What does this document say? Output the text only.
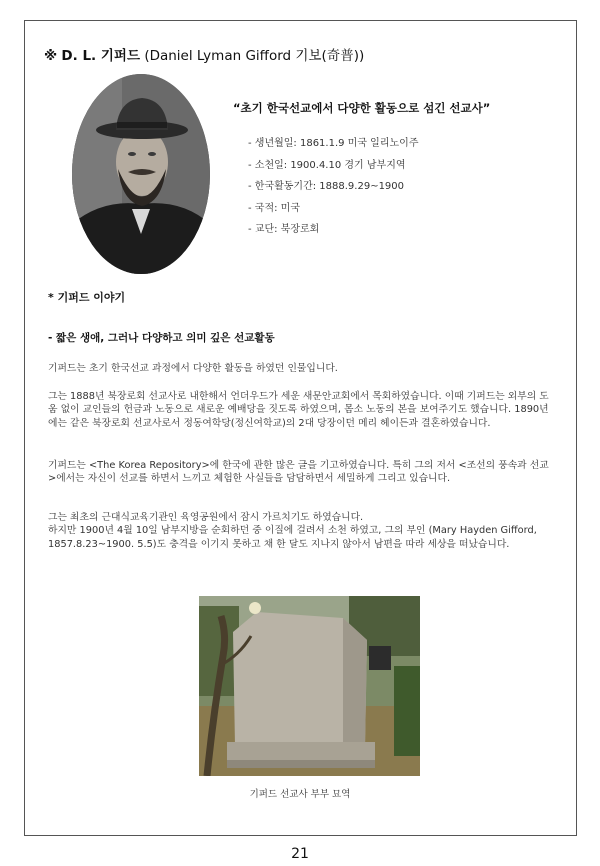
※ D. L. 기퍼드 (Daniel Lyman Gifford 기보(奇普))
“초기 한국선교에서 다양한 활동으로 섬긴 선교사”
- 생년월일: 1861.1.9 미국 일리노이주
- 소천일: 1900.4.10 경기 남부지역
- 한국활동기간: 1888.9.29~1900
- 국적: 미국
- 교단: 북장로회
* 기퍼드 이야기
- 짧은 생애, 그러나 다양하고 의미 깊은 선교활동

기퍼드는 초기 한국선교 과정에서 다양한 활동을 하였던 인물입니다.

그는 1888년 북장로회 선교사로 내한해서 언더우드가 세운 새문안교회에서 목회하였습니다. 이때 기퍼드는 외부의 도움 없이 교인들의 헌금과 노동으로 새로운 예배당을 짓도록 하였으며, 몸소 노동의 본을 보여주기도 했습니다. 1890년에는 같은 북장로회 선교사로서 정동여학당(정신여학교)의 2대 당장이던 메리 헤이든과 결혼하였습니다.

기퍼드는 <The Korea Repository>에 한국에 관한 많은 글을 기고하였습니다. 특히 그의 저서 <조선의 풍속과 선교>에서는 자신이 선교를 하면서 느끼고 체험한 사실들을 담담하면서 세밀하게 그리고 있습니다.

그는 최초의 근대식교육기관인 육영공원에서 잠시 가르치기도 하였습니다.
하지만 1900년 4월 10일 남부지방을 순회하던 중 이질에 걸려서 소천 하였고, 그의 부인 (Mary Hayden Gifford, 1857.8.23~1900. 5.5)도 충격을 이기지 못하고 채 한 달도 지나지 않아서 남편을 따라 세상을 떠났습니다.

기퍼드 선교사 부부 묘역
21
